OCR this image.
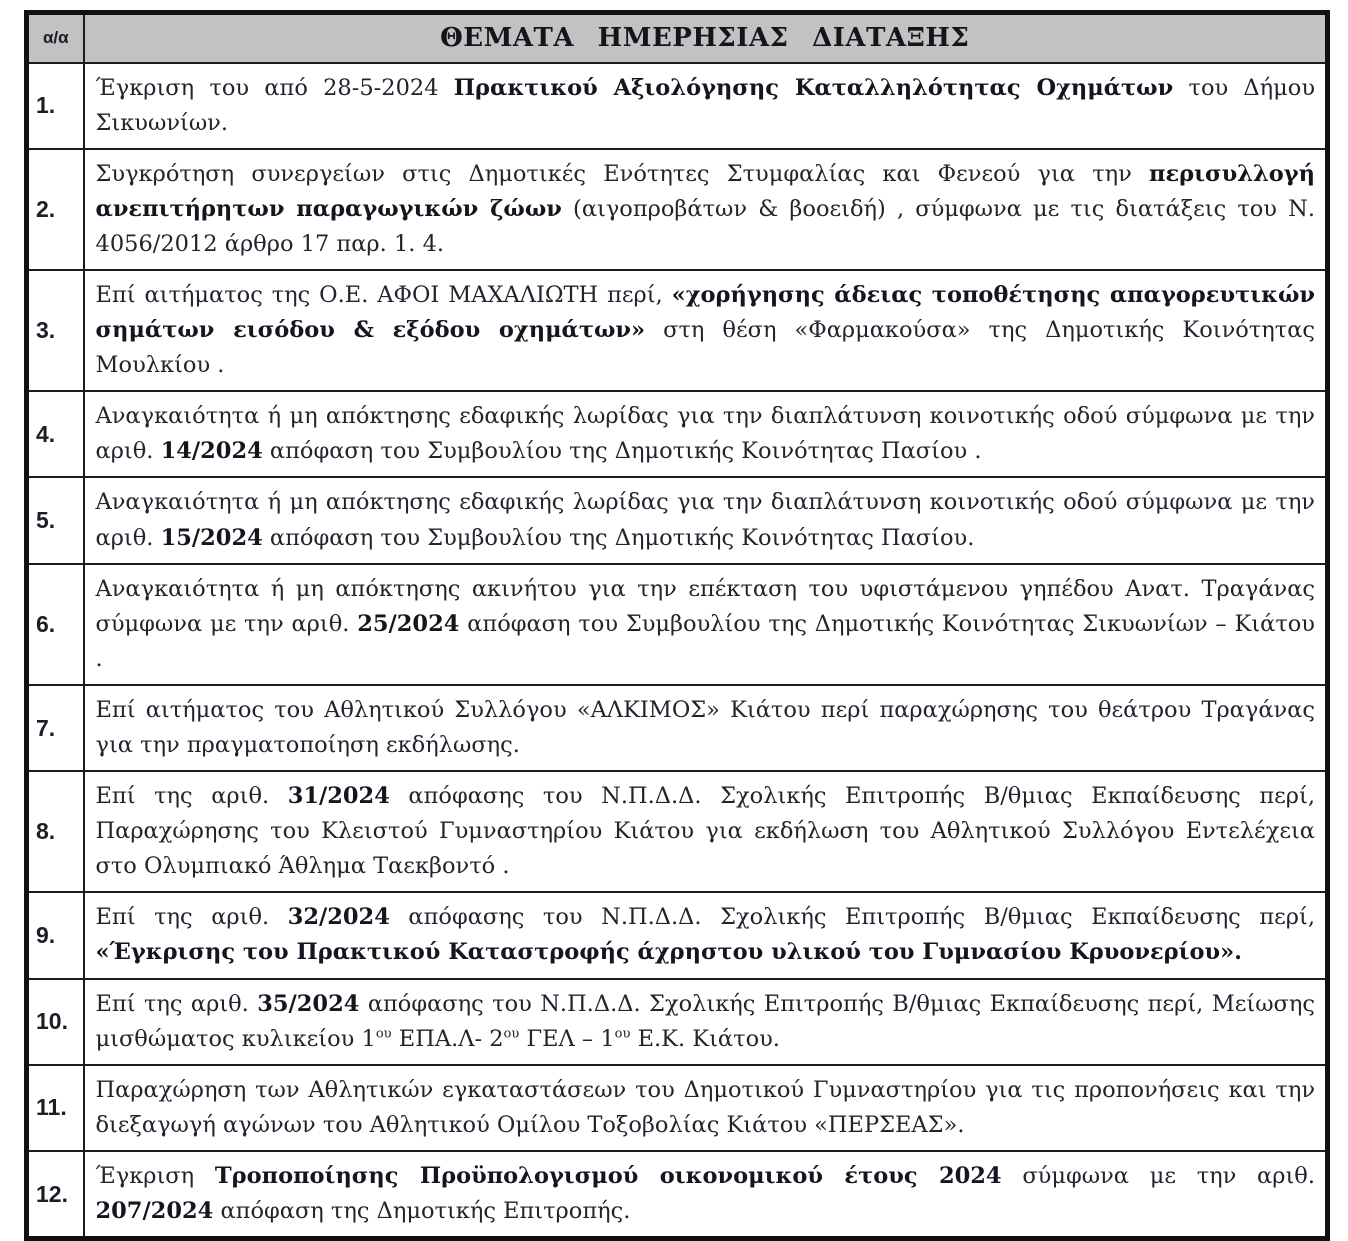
α/α	ΘΕΜΑΤΑ ΗΜΕΡΗΣΙΑΣ ΔΙΑΤΑΞΗΣ
1.	Έγκριση του από 28-5-2024 Πρακτικού Αξιολόγησης Καταλληλότητας Οχημάτων του Δήμου Σικυωνίων.

2.	Συγκρότηση συνεργείων στις Δημοτικές Ενότητες Στυμφαλίας και Φενεού για την περισυλλογή ανεπιτήρητων παραγωγικών ζώων (αιγοπροβάτων & βοοειδή) , σύμφωνα με τις διατάξεις του Ν. 4056/2012 άρθρο 17 παρ. 1. 4.

3.	Επί αιτήματος της Ο.Ε. ΑΦΟΙ ΜΑΧΑΛΙΩΤΗ περί, «χορήγησης άδειας τοποθέτησης απαγορευτικών σημάτων εισόδου & εξόδου οχημάτων» στη θέση «Φαρμακούσα» της Δημοτικής Κοινότητας Μουλκίου .

4.	Αναγκαιότητα ή μη απόκτησης εδαφικής λωρίδας για την διαπλάτυνση κοινοτικής οδού σύμφωνα με την αριθ. 14/2024 απόφαση του Συμβουλίου της Δημοτικής Κοινότητας Πασίου .

5.	Αναγκαιότητα ή μη απόκτησης εδαφικής λωρίδας για την διαπλάτυνση κοινοτικής οδού σύμφωνα με την αριθ. 15/2024 απόφαση του Συμβουλίου της Δημοτικής Κοινότητας Πασίου.

6.	Αναγκαιότητα ή μη απόκτησης ακινήτου για την επέκταση του υφιστάμενου γηπέδου Ανατ. Τραγάνας σύμφωνα με την αριθ. 25/2024 απόφαση του Συμβουλίου της Δημοτικής Κοινότητας Σικυωνίων – Κιάτου .

7.	Επί αιτήματος του Αθλητικού Συλλόγου «ΑΛΚΙΜΟΣ» Κιάτου περί παραχώρησης του θεάτρου Τραγάνας για την πραγματοποίηση εκδήλωσης.

8.	Επί της αριθ. 31/2024 απόφασης του Ν.Π.Δ.Δ. Σχολικής Επιτροπής Β/θμιας Εκπαίδευσης περί, Παραχώρησης του Κλειστού Γυμναστηρίου Κιάτου για εκδήλωση του Αθλητικού Συλλόγου Εντελέχεια στο Ολυμπιακό Άθλημα Ταεκβοντό .

9.	Επί της αριθ. 32/2024 απόφασης του Ν.Π.Δ.Δ. Σχολικής Επιτροπής Β/θμιας Εκπαίδευσης περί, «Έγκρισης του Πρακτικού Καταστροφής άχρηστου υλικού του Γυμνασίου Κρυονερίου».

10.	Επί της αριθ. 35/2024 απόφασης του Ν.Π.Δ.Δ. Σχολικής Επιτροπής Β/θμιας Εκπαίδευσης περί, Μείωσης μισθώματος κυλικείου $1^{o\upsilon}$ ΕΠΑ.Λ- $2^{o\upsilon}$ ΓΕΛ – $1^{o\upsilon}$ Ε.Κ. Κιάτου.

11.	Παραχώρηση των Αθλητικών εγκαταστάσεων του Δημοτικού Γυμναστηρίου για τις προπονήσεις και την διεξαγωγή αγώνων του Αθλητικού Ομίλου Τοξοβολίας Κιάτου «ΠΕΡΣΕΑΣ».

12.	Έγκριση Τροποποίησης Προϋπολογισμού οικονομικού έτους 2024 σύμφωνα με την αριθ. 207/2024 απόφαση της Δημοτικής Επιτροπής.
